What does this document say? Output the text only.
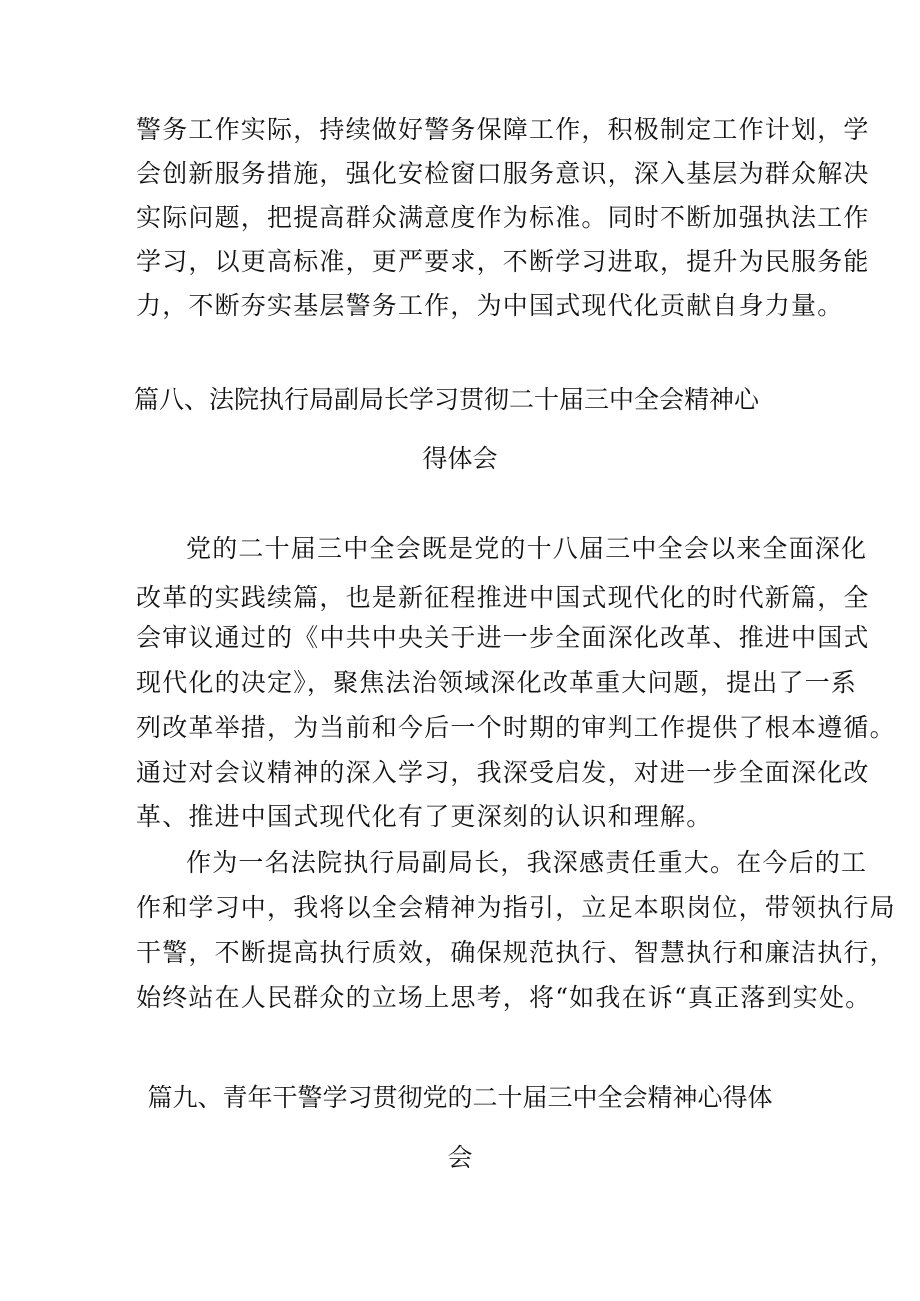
警务工作实际，持续做好警务保障工作，积极制定工作计划，学
会创新服务措施，强化安检窗口服务意识，深入基层为群众解决
实际问题，把提高群众满意度作为标准。同时不断加强执法工作
学习，以更高标准，更严要求，不断学习进取，提升为民服务能
力，不断夯实基层警务工作，为中国式现代化贡献自身力量。
篇八、法院执行局副局长学习贯彻二十届三中全会精神心
得体会
党的二十届三中全会既是党的十八届三中全会以来全面深化
改革的实践续篇，也是新征程推进中国式现代化的时代新篇，全
会审议通过的《中共中央关于进一步全面深化改革、推进中国式
现代化的决定》，聚焦法治领域深化改革重大问题，提出了一系
列改革举措，为当前和今后一个时期的审判工作提供了根本遵循。
通过对会议精神的深入学习，我深受启发，对进一步全面深化改
革、推进中国式现代化有了更深刻的认识和理解。
作为一名法院执行局副局长，我深感责任重大。在今后的工
作和学习中，我将以全会精神为指引，立足本职岗位，带领执行局
干警，不断提高执行质效，确保规范执行、智慧执行和廉洁执行，
始终站在人民群众的立场上思考，将“如我在诉“真正落到实处。
篇九、青年干警学习贯彻党的二十届三中全会精神心得体
会
